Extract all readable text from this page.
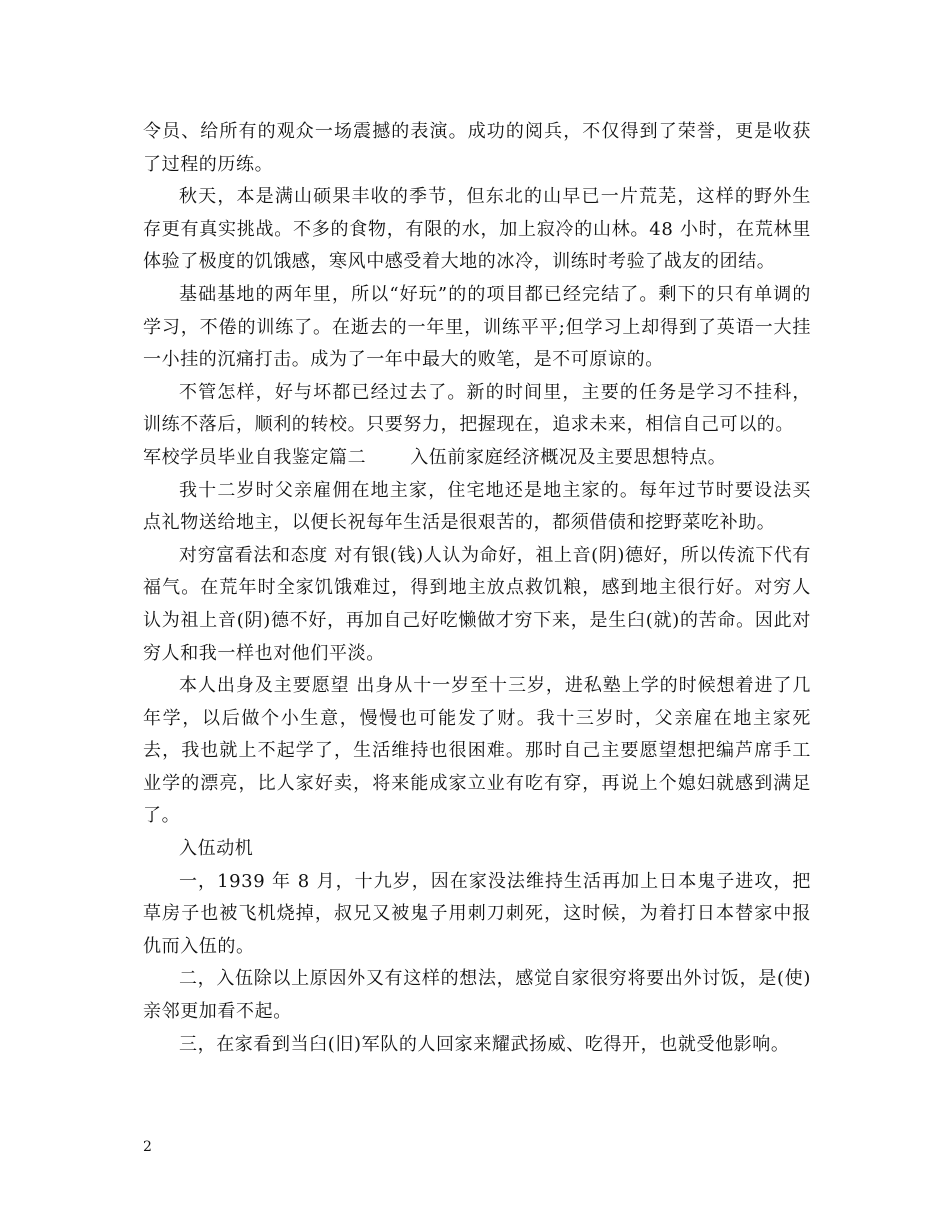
令员、给所有的观众一场震撼的表演。成功的阅兵，不仅得到了荣誉，更是收获了过程的历练。

秋天，本是满山硕果丰收的季节，但东北的山早已一片荒芜，这样的野外生存更有真实挑战。不多的食物，有限的水，加上寂冷的山林。48 小时，在荒林里体验了极度的饥饿感，寒风中感受着大地的冰冷，训练时考验了战友的团结。

基础基地的两年里，所以“好玩”的的项目都已经完结了。剩下的只有单调的学习，不倦的训练了。在逝去的一年里，训练平平;但学习上却得到了英语一大挂一小挂的沉痛打击。成为了一年中最大的败笔，是不可原谅的。

不管怎样，好与坏都已经过去了。新的时间里，主要的任务是学习不挂科，训练不落后，顺利的转校。只要努力，把握现在，追求未来，相信自己可以的。

军校学员毕业自我鉴定篇二 入伍前家庭经济概况及主要思想特点。

我十二岁时父亲雇佣在地主家，住宅地还是地主家的。每年过节时要设法买点礼物送给地主，以便长祝每年生活是很艰苦的，都须借债和挖野菜吃补助。

对穷富看法和态度 对有银(钱)人认为命好，祖上音(阴)德好，所以传流下代有福气。在荒年时全家饥饿难过，得到地主放点救饥粮，感到地主很行好。对穷人认为祖上音(阴)德不好，再加自己好吃懒做才穷下来，是生臼(就)的苦命。因此对穷人和我一样也对他们平淡。

本人出身及主要愿望 出身从十一岁至十三岁，进私塾上学的时候想着进了几年学，以后做个小生意，慢慢也可能发了财。我十三岁时，父亲雇在地主家死去，我也就上不起学了，生活维持也很困难。那时自己主要愿望想把编芦席手工业学的漂亮，比人家好卖，将来能成家立业有吃有穿，再说上个媳妇就感到满足了。

入伍动机

一，1939 年 8 月，十九岁，因在家没法维持生活再加上日本鬼子进攻，把草房子也被飞机烧掉，叔兄又被鬼子用刺刀刺死，这时候，为着打日本替家中报仇而入伍的。

二，入伍除以上原因外又有这样的想法，感觉自家很穷将要出外讨饭，是(使)亲邻更加看不起。

三，在家看到当臼(旧)军队的人回家来耀武扬威、吃得开，也就受他影响。

2
